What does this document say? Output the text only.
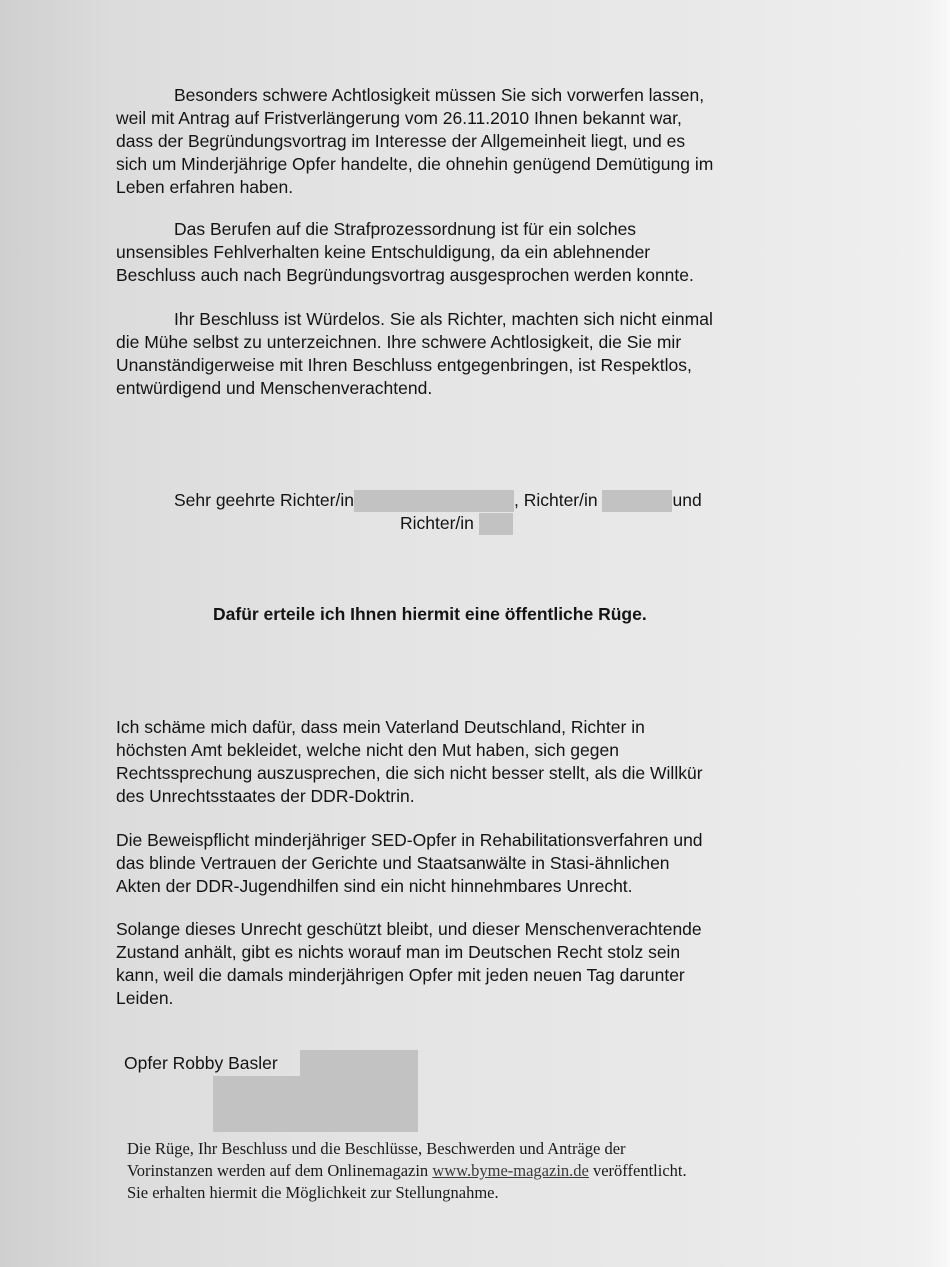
Besonders schwere Achtlosigkeit müssen Sie sich vorwerfen lassen,
weil mit Antrag auf Fristverlängerung vom 26.11.2010 Ihnen bekannt war,
dass der Begründungsvortrag im Interesse der Allgemeinheit liegt, und es
sich um Minderjährige Opfer handelte, die ohnehin genügend Demütigung im
Leben erfahren haben.
Das Berufen auf die Strafprozessordnung ist für ein solches
unsensibles Fehlverhalten keine Entschuldigung, da ein ablehnender
Beschluss auch nach Begründungsvortrag ausgesprochen werden konnte.
Ihr Beschluss ist Würdelos. Sie als Richter, machten sich nicht einmal
die Mühe selbst zu unterzeichnen. Ihre schwere Achtlosigkeit, die Sie mir
Unanständigerweise mit Ihren Beschluss entgegenbringen, ist Respektlos,
entwürdigend und Menschenverachtend.
Sehr geehrte Richter/in	, Richter/in	und
Richter/in
Dafür erteile ich Ihnen hiermit eine öffentliche Rüge.
Ich schäme mich dafür, dass mein Vaterland Deutschland, Richter in
höchsten Amt bekleidet, welche nicht den Mut haben, sich gegen
Rechtssprechung auszusprechen, die sich nicht besser stellt, als die Willkür
des Unrechtsstaates der DDR-Doktrin.
Die Beweispflicht minderjähriger SED-Opfer in Rehabilitationsverfahren und
das blinde Vertrauen der Gerichte und Staatsanwälte in Stasi-ähnlichen
Akten der DDR-Jugendhilfen sind ein nicht hinnehmbares Unrecht.
Solange dieses Unrecht geschützt bleibt, und dieser Menschenverachtende
Zustand anhält, gibt es nichts worauf man im Deutschen Recht stolz sein
kann, weil die damals minderjährigen Opfer mit jeden neuen Tag darunter
Leiden.
Opfer Robby Basler
Die Rüge, Ihr Beschluss und die Beschlüsse, Beschwerden und Anträge der
Vorinstanzen werden auf dem Onlinemagazin www.byme-magazin.de veröffentlicht.
Sie erhalten hiermit die Möglichkeit zur Stellungnahme.
